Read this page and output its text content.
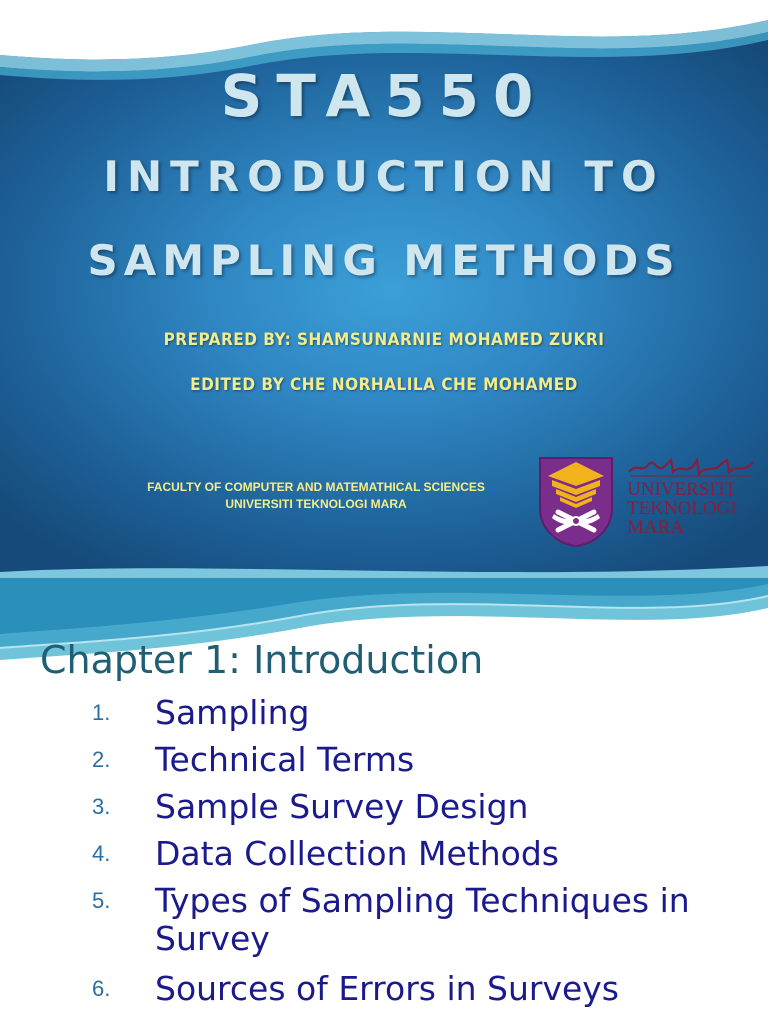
STA550
INTRODUCTION TO
SAMPLING METHODS
PREPARED BY: SHAMSUNARNIE MOHAMED ZUKRI
EDITED BY CHE NORHALILA CHE MOHAMED
FACULTY OF COMPUTER AND MATEMATHICAL SCIENCES
UNIVERSITI TEKNOLOGI MARA
UNIVERSITI
TEKNOLOGI
MARA
Chapter 1: Introduction
1.	Sampling
2.	Technical Terms
3.	Sample Survey Design
4.	Data Collection Methods
5.	Types of Sampling Techniques in Survey
6.	Sources of Errors in Surveys
